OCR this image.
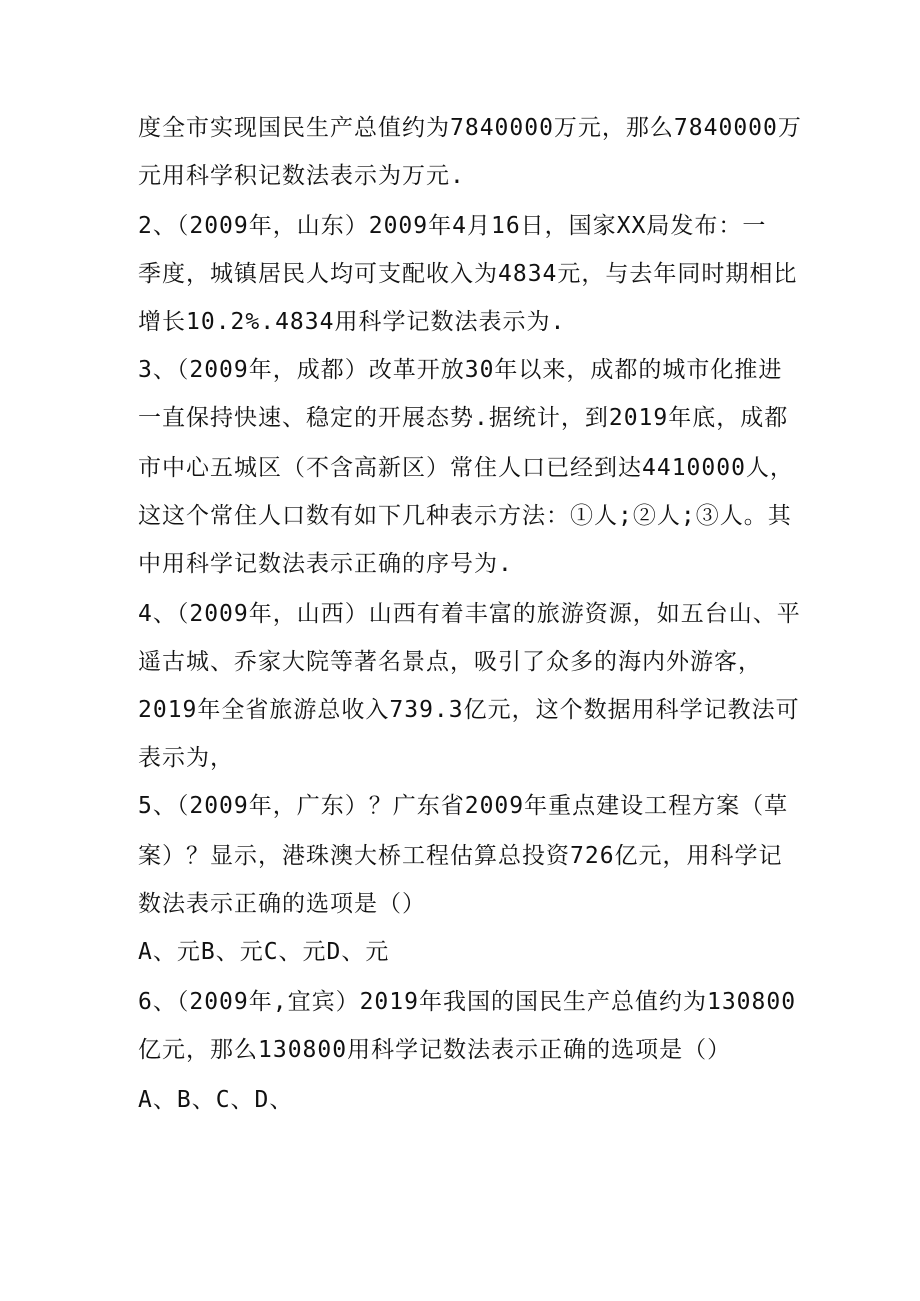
度全市实现国民生产总值约为7840000万元，那么7840000万
元用科学积记数法表示为万元.
2、（2009年，山东）2009年4月16日，国家XX局发布：一
季度，城镇居民人均可支配收入为4834元，与去年同时期相比
增长10.2%.4834用科学记数法表示为.
3、（2009年，成都）改革开放30年以来，成都的城市化推进
一直保持快速、稳定的开展态势.据统计，到2019年底，成都
市中心五城区（不含高新区）常住人口已经到达4410000人，
这这个常住人口数有如下几种表示方法：①人;②人;③人。其
中用科学记数法表示正确的序号为.
4、（2009年，山西）山西有着丰富的旅游资源，如五台山、平
遥古城、乔家大院等著名景点，吸引了众多的海内外游客，
2019年全省旅游总收入739.3亿元，这个数据用科学记教法可
表示为，
5、（2009年，广东）？广东省2009年重点建设工程方案（草
案）？显示，港珠澳大桥工程估算总投资726亿元，用科学记
数法表示正确的选项是（）
A、元B、元C、元D、元
6、（2009年,宜宾）2019年我国的国民生产总值约为130800
亿元，那么130800用科学记数法表示正确的选项是（）
A、B、C、D、
